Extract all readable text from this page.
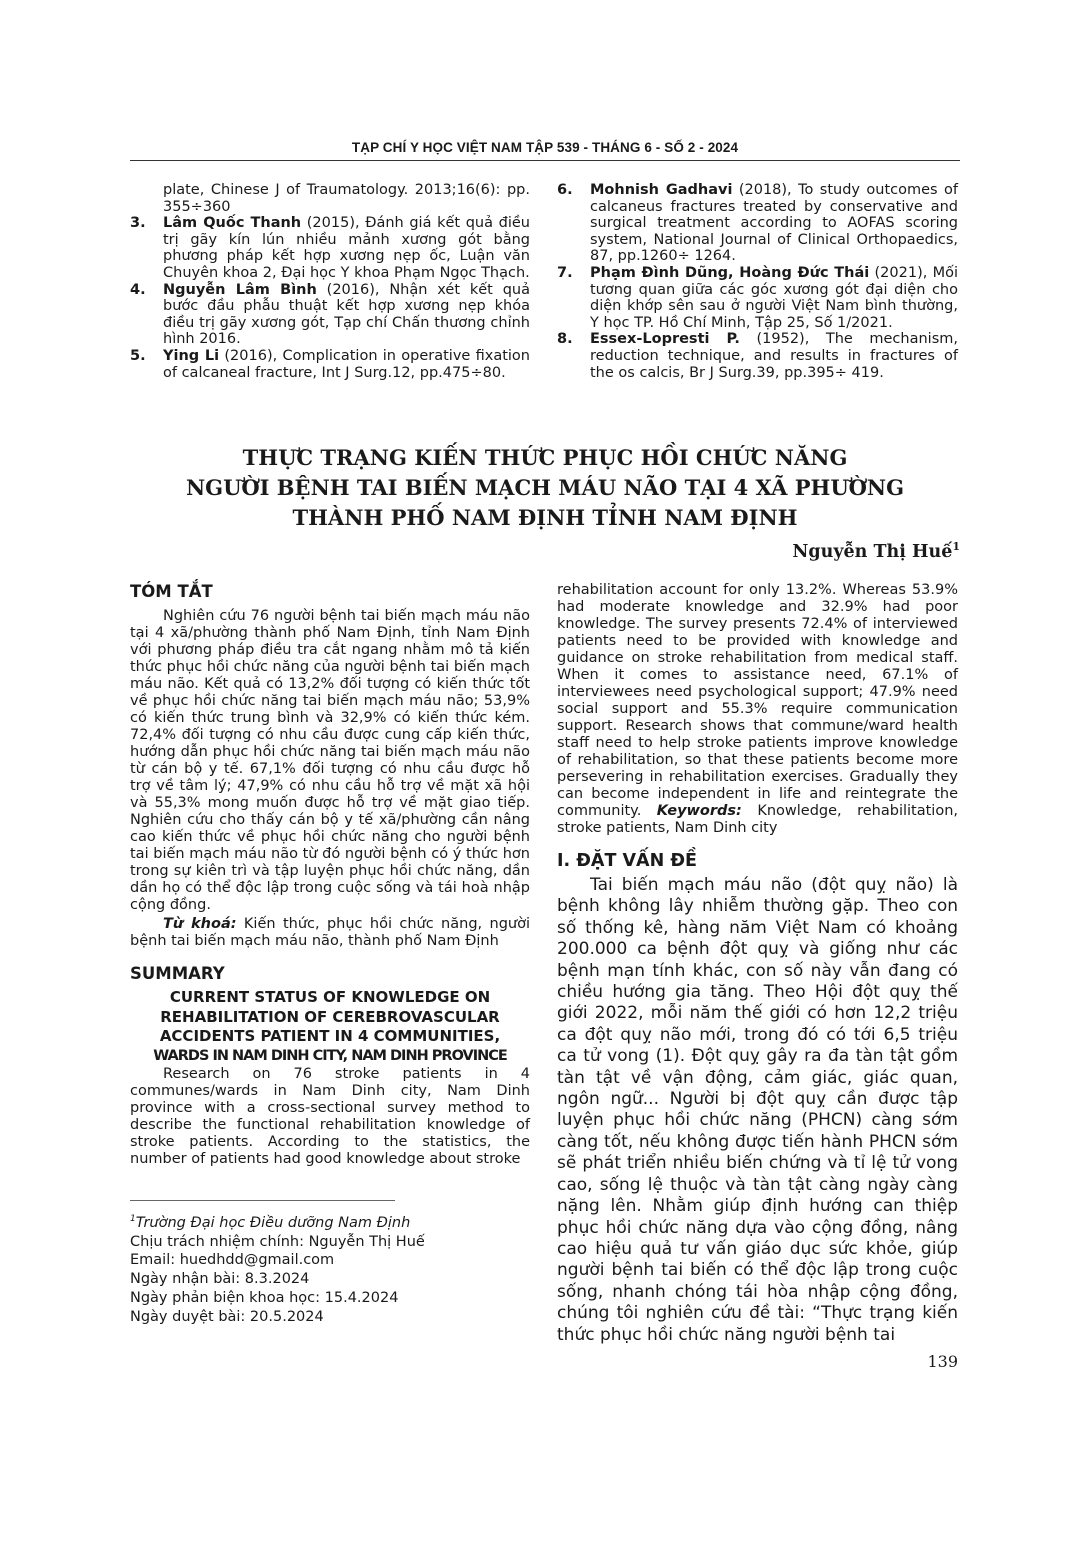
TẠP CHÍ Y HỌC VIỆT NAM TẬP 539 - THÁNG 6 - SỐ 2 - 2024
plate, Chinese J of Traumatology. 2013;16(6): pp. 355÷360
3. Lâm Quốc Thanh (2015), Đánh giá kết quả điều trị gãy kín lún nhiều mảnh xương gót bằng phương pháp kết hợp xương nẹp ốc, Luận văn Chuyên khoa 2, Đại học Y khoa Phạm Ngọc Thạch.
4. Nguyễn Lâm Bình (2016), Nhận xét kết quả bước đầu phẫu thuật kết hợp xương nẹp khóa điều trị gãy xương gót, Tạp chí Chấn thương chỉnh hình 2016.
5. Ying Li (2016), Complication in operative fixation of calcaneal fracture, Int J Surg.12, pp.475÷80.
6. Mohnish Gadhavi (2018), To study outcomes of calcaneus fractures treated by conservative and surgical treatment according to AOFAS scoring system, National Journal of Clinical Orthopaedics, 87, pp.1260÷ 1264.
7. Phạm Đình Dũng, Hoàng Đức Thái (2021), Mối tương quan giữa các góc xương gót đại diện cho diện khớp sên sau ở người Việt Nam bình thường, Y học TP. Hồ Chí Minh, Tập 25, Số 1/2021.
8. Essex-Lopresti P. (1952), The mechanism, reduction technique, and results in fractures of the os calcis, Br J Surg.39, pp.395÷ 419.
THỰC TRẠNG KIẾN THỨC PHỤC HỒI CHỨC NĂNG
NGƯỜI BỆNH TAI BIẾN MẠCH MÁU NÃO TẠI 4 XÃ PHƯỜNG
THÀNH PHỐ NAM ĐỊNH TỈNH NAM ĐỊNH
Nguyễn Thị Huế$^1$
TÓM TẮT

Nghiên cứu 76 người bệnh tai biến mạch máu não tại 4 xã/phường thành phố Nam Định, tỉnh Nam Định với phương pháp điều tra cắt ngang nhằm mô tả kiến thức phục hồi chức năng của người bệnh tai biến mạch máu não. Kết quả có 13,2% đối tượng có kiến thức tốt về phục hồi chức năng tai biến mạch máu não; 53,9% có kiến thức trung bình và 32,9% có kiến thức kém. 72,4% đối tượng có nhu cầu được cung cấp kiến thức, hướng dẫn phục hồi chức năng tai biến mạch máu não từ cán bộ y tế. 67,1% đối tượng có nhu cầu được hỗ trợ về tâm lý; 47,9% có nhu cầu hỗ trợ về mặt xã hội và 55,3% mong muốn được hỗ trợ về mặt giao tiếp. Nghiên cứu cho thấy cán bộ y tế xã/phường cần nâng cao kiến thức về phục hồi chức năng cho người bệnh tai biến mạch máu não từ đó người bệnh có ý thức hơn trong sự kiên trì và tập luyện phục hồi chức năng, dần dần họ có thể độc lập trong cuộc sống và tái hoà nhập cộng đồng.

Từ khoá: Kiến thức, phục hồi chức năng, người bệnh tai biến mạch máu não, thành phố Nam Định

SUMMARY
CURRENT STATUS OF KNOWLEDGE ON
REHABILITATION OF CEREBROVASCULAR
ACCIDENTS PATIENT IN 4 COMMUNITIES,
WARDS IN NAM DINH CITY, NAM DINH PROVINCE

Research on 76 stroke patients in 4 communes/wards in Nam Dinh city, Nam Dinh province with a cross-sectional survey method to describe the functional rehabilitation knowledge of stroke patients. According to the statistics, the number of patients had good knowledge about stroke

$^1$Trường Đại học Điều dưỡng Nam Định
Chịu trách nhiệm chính: Nguyễn Thị Huế
Email: huedhdd@gmail.com
Ngày nhận bài: 8.3.2024
Ngày phản biện khoa học: 15.4.2024
Ngày duyệt bài: 20.5.2024

rehabilitation account for only 13.2%. Whereas 53.9% had moderate knowledge and 32.9% had poor knowledge. The survey presents 72.4% of interviewed patients need to be provided with knowledge and guidance on stroke rehabilitation from medical staff. When it comes to assistance need, 67.1% of interviewees need psychological support; 47.9% need social support and 55.3% require communication support. Research shows that commune/ward health staff need to help stroke patients improve knowledge of rehabilitation, so that these patients become more persevering in rehabilitation exercises. Gradually they can become independent in life and reintegrate the community. Keywords: Knowledge, rehabilitation, stroke patients, Nam Dinh city

I. ĐẶT VẤN ĐỀ

Tai biến mạch máu não (đột quỵ não) là bệnh không lây nhiễm thường gặp. Theo con số thống kê, hàng năm Việt Nam có khoảng 200.000 ca bệnh đột quỵ và giống như các bệnh mạn tính khác, con số này vẫn đang có chiều hướng gia tăng. Theo Hội đột quỵ thế giới 2022, mỗi năm thế giới có hơn 12,2 triệu ca đột quỵ não mới, trong đó có tới 6,5 triệu ca tử vong (1). Đột quỵ gây ra đa tàn tật gồm tàn tật về vận động, cảm giác, giác quan, ngôn ngữ... Người bị đột quỵ cần được tập luyện phục hồi chức năng (PHCN) càng sớm càng tốt, nếu không được tiến hành PHCN sớm sẽ phát triển nhiều biến chứng và tỉ lệ tử vong cao, sống lệ thuộc và tàn tật càng ngày càng nặng lên. Nhằm giúp định hướng can thiệp phục hồi chức năng dựa vào cộng đồng, nâng cao hiệu quả tư vấn giáo dục sức khỏe, giúp người bệnh tai biến có thể độc lập trong cuộc sống, nhanh chóng tái hòa nhập cộng đồng, chúng tôi nghiên cứu đề tài: “Thực trạng kiến thức phục hồi chức năng người bệnh tai

139
